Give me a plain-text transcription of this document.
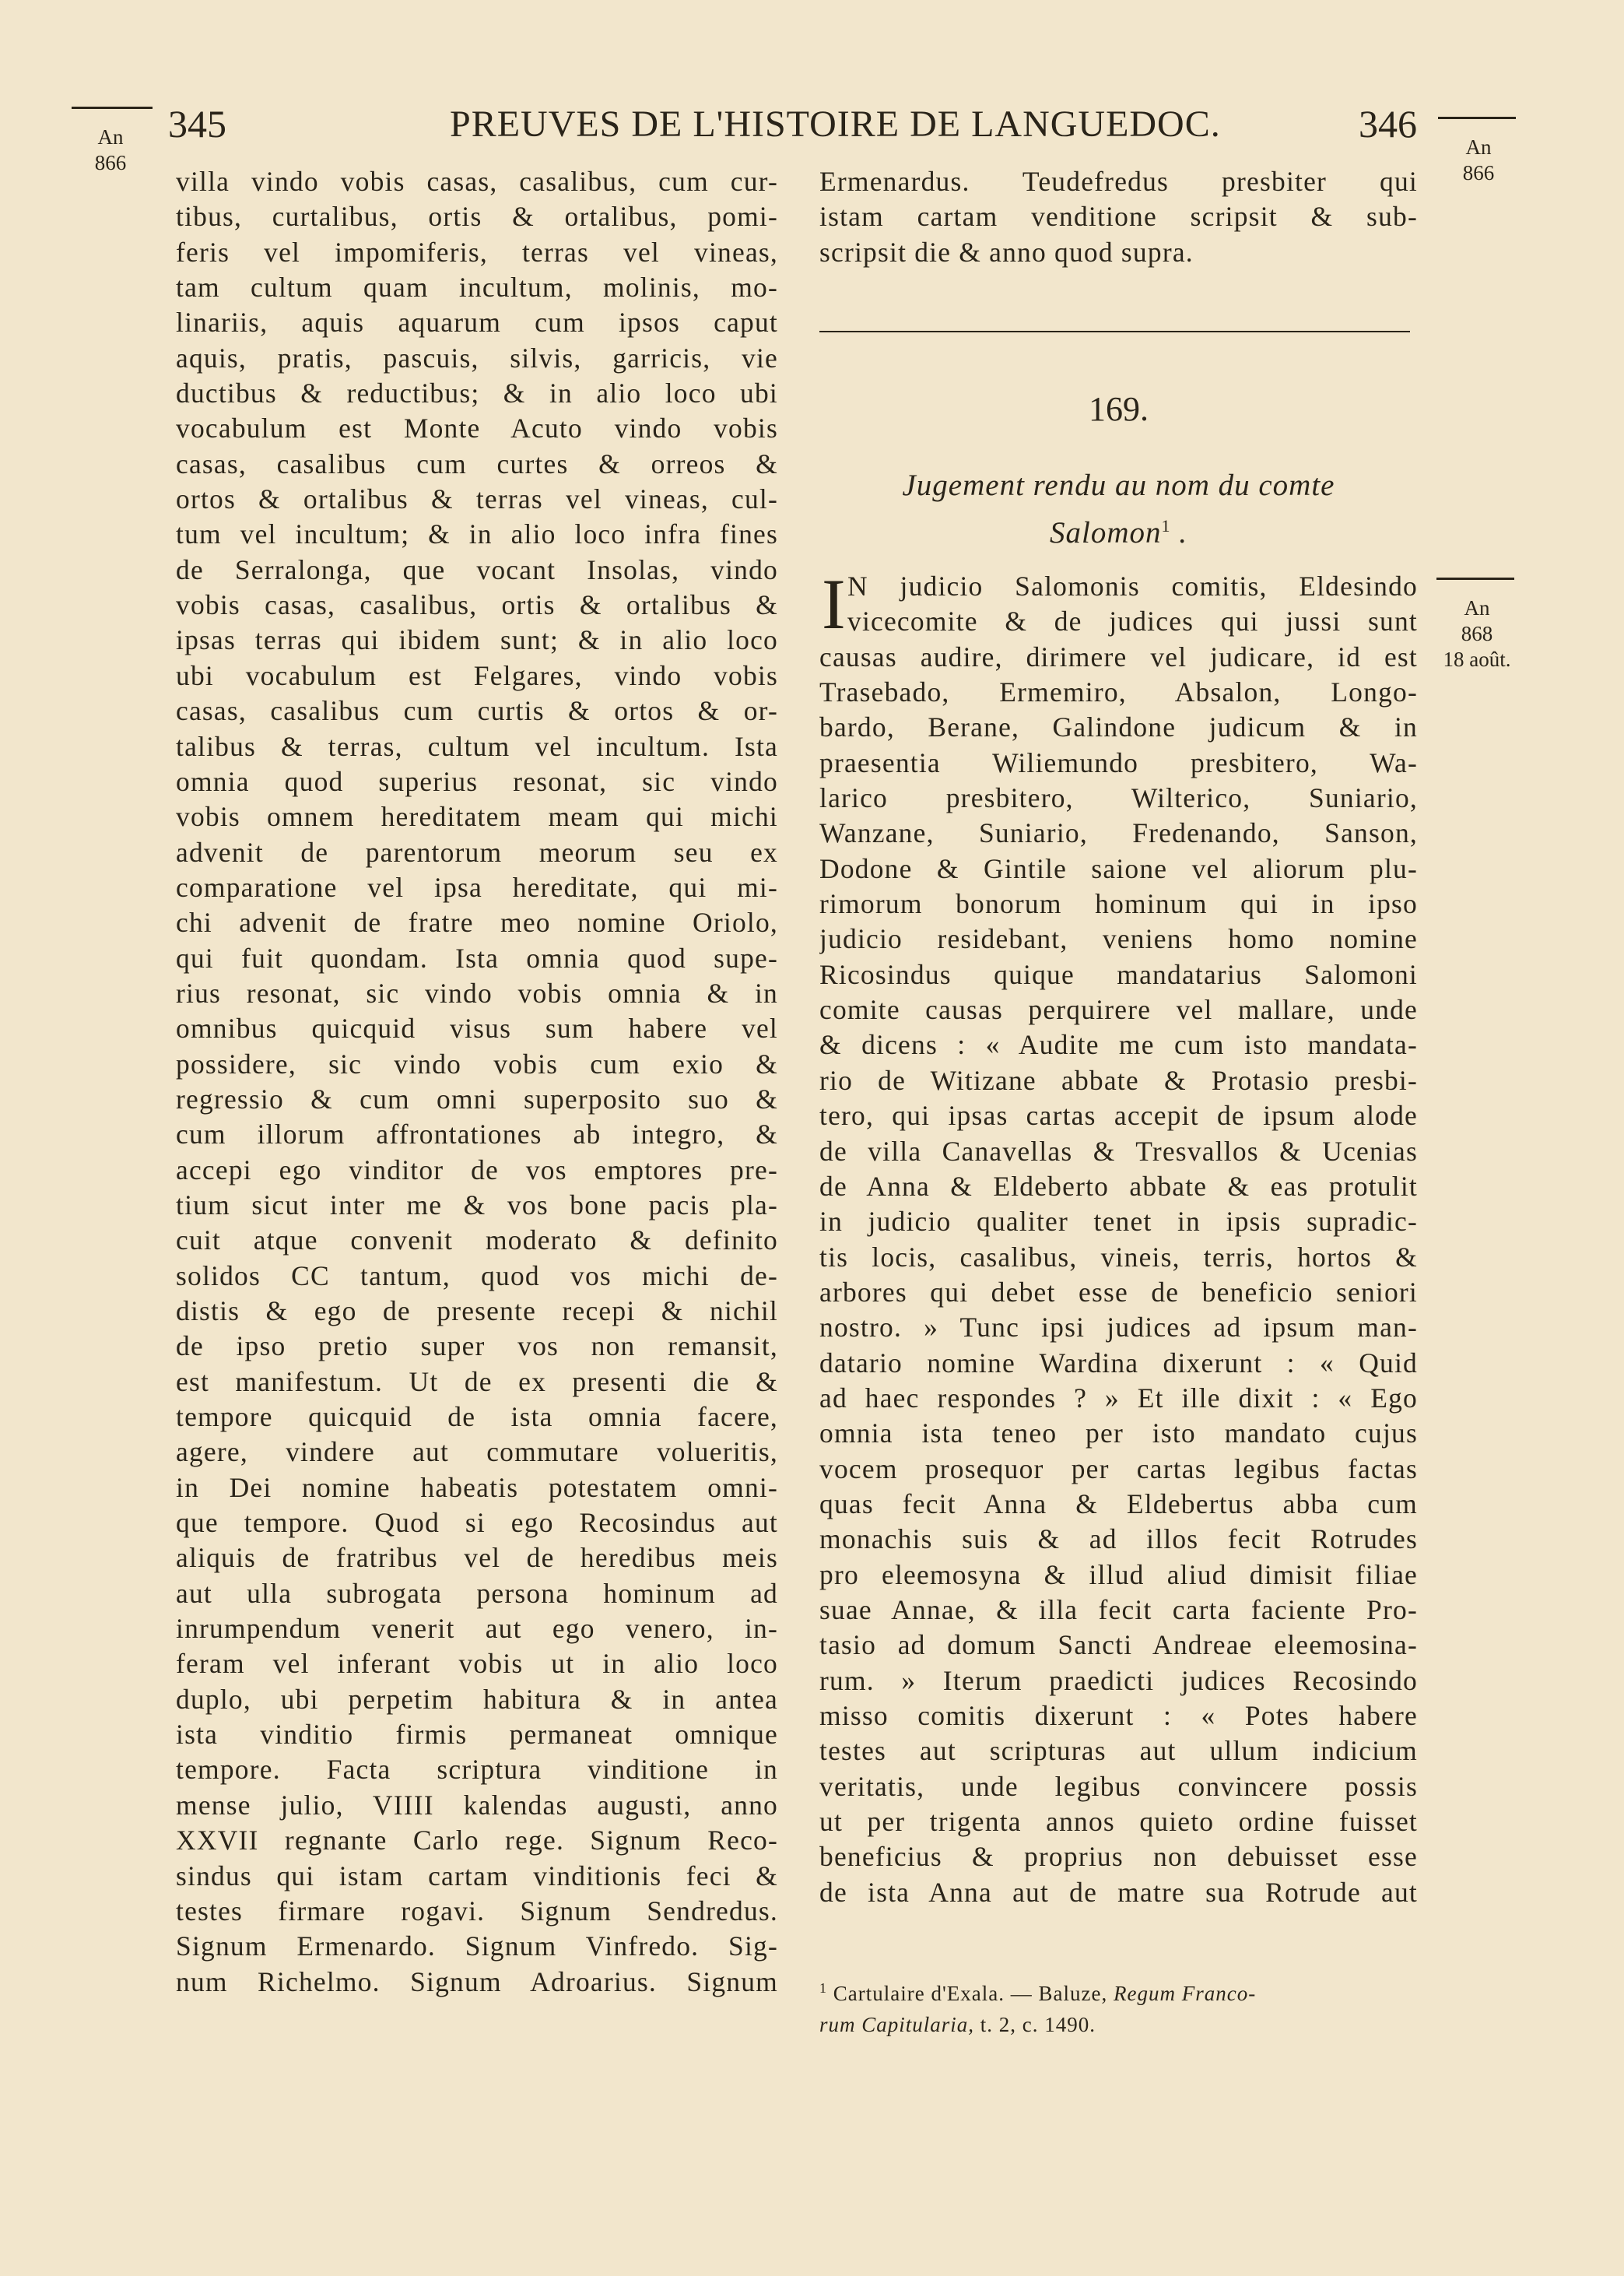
An
866
An
866
An
868
18 août.
345	PREUVES DE L'HISTOIRE DE LANGUEDOC.	346
villa vindo vobis casas, casalibus, cum cur-
tibus, curtalibus, ortis & ortalibus, pomi-
feris vel impomiferis, terras vel vineas,
tam cultum quam incultum, molinis, mo-
linariis, aquis aquarum cum ipsos caput
aquis, pratis, pascuis, silvis, garricis, vie
ductibus & reductibus; & in alio loco ubi
vocabulum est Monte Acuto vindo vobis
casas, casalibus cum curtes & orreos &
ortos & ortalibus & terras vel vineas, cul-
tum vel incultum; & in alio loco infra fines
de Serralonga, que vocant Insolas, vindo
vobis casas, casalibus, ortis & ortalibus &
ipsas terras qui ibidem sunt; & in alio loco
ubi vocabulum est Felgares, vindo vobis
casas, casalibus cum curtis & ortos & or-
talibus & terras, cultum vel incultum. Ista
omnia quod superius resonat, sic vindo
vobis omnem hereditatem meam qui michi
advenit de parentorum meorum seu ex
comparatione vel ipsa hereditate, qui mi-
chi advenit de fratre meo nomine Oriolo,
qui fuit quondam. Ista omnia quod supe-
rius resonat, sic vindo vobis omnia & in
omnibus quicquid visus sum habere vel
possidere, sic vindo vobis cum exio &
regressio & cum omni superposito suo &
cum illorum affrontationes ab integro, &
accepi ego vinditor de vos emptores pre-
tium sicut inter me & vos bone pacis pla-
cuit atque convenit moderato & definito
solidos CC tantum, quod vos michi de-
distis & ego de presente recepi & nichil
de ipso pretio super vos non remansit,
est manifestum. Ut de ex presenti die &
tempore quicquid de ista omnia facere,
agere, vindere aut commutare volueritis,
in Dei nomine habeatis potestatem omni-
que tempore. Quod si ego Recosindus aut
aliquis de fratribus vel de heredibus meis
aut ulla subrogata persona hominum ad
inrumpendum venerit aut ego venero, in-
feram vel inferant vobis ut in alio loco
duplo, ubi perpetim habitura & in antea
ista vinditio firmis permaneat omnique
tempore. Facta scriptura vinditione in
mense julio, VIIII kalendas augusti, anno
XXVII regnante Carlo rege. Signum Reco-
sindus qui istam cartam vinditionis feci &
testes firmare rogavi. Signum Sendredus.
Signum Ermenardo. Signum Vinfredo. Sig-
num Richelmo. Signum Adroarius. Signum
Ermenardus. Teudefredus presbiter qui
istam cartam venditione scripsit & sub-
scripsit die & anno quod supra.
169.
Jugement rendu au nom du comte
Salomon$^1$ .
I N judicio Salomonis comitis, Eldesindo
vicecomite & de judices qui jussi sunt
causas audire, dirimere vel judicare, id est
Trasebado, Ermemiro, Absalon, Longo-
bardo, Berane, Galindone judicum & in
praesentia Wiliemundo presbitero, Wa-
larico presbitero, Wilterico, Suniario,
Wanzane, Suniario, Fredenando, Sanson,
Dodone & Gintile saione vel aliorum plu-
rimorum bonorum hominum qui in ipso
judicio residebant, veniens homo nomine
Ricosindus quique mandatarius Salomoni
comite causas perquirere vel mallare, unde
& dicens : « Audite me cum isto mandata-
rio de Witizane abbate & Protasio presbi-
tero, qui ipsas cartas accepit de ipsum alode
de villa Canavellas & Tresvallos & Ucenias
de Anna & Eldeberto abbate & eas protulit
in judicio qualiter tenet in ipsis supradic-
tis locis, casalibus, vineis, terris, hortos &
arbores qui debet esse de beneficio seniori
nostro. » Tunc ipsi judices ad ipsum man-
datario nomine Wardina dixerunt : « Quid
ad haec respondes ? » Et ille dixit : « Ego
omnia ista teneo per isto mandato cujus
vocem prosequor per cartas legibus factas
quas fecit Anna & Eldebertus abba cum
monachis suis & ad illos fecit Rotrudes
pro eleemosyna & illud aliud dimisit filiae
suae Annae, & illa fecit carta faciente Pro-
tasio ad domum Sancti Andreae eleemosina-
rum. » Iterum praedicti judices Recosindo
misso comitis dixerunt : « Potes habere
testes aut scripturas aut ullum indicium
veritatis, unde legibus convincere possis
ut per trigenta annos quieto ordine fuisset
beneficius & proprius non debuisset esse
de ista Anna aut de matre sua Rotrude aut
$^1$ Cartulaire d'Exala. — Baluze, Regum Franco-
rum Capitularia, t. 2, c. 1490.
